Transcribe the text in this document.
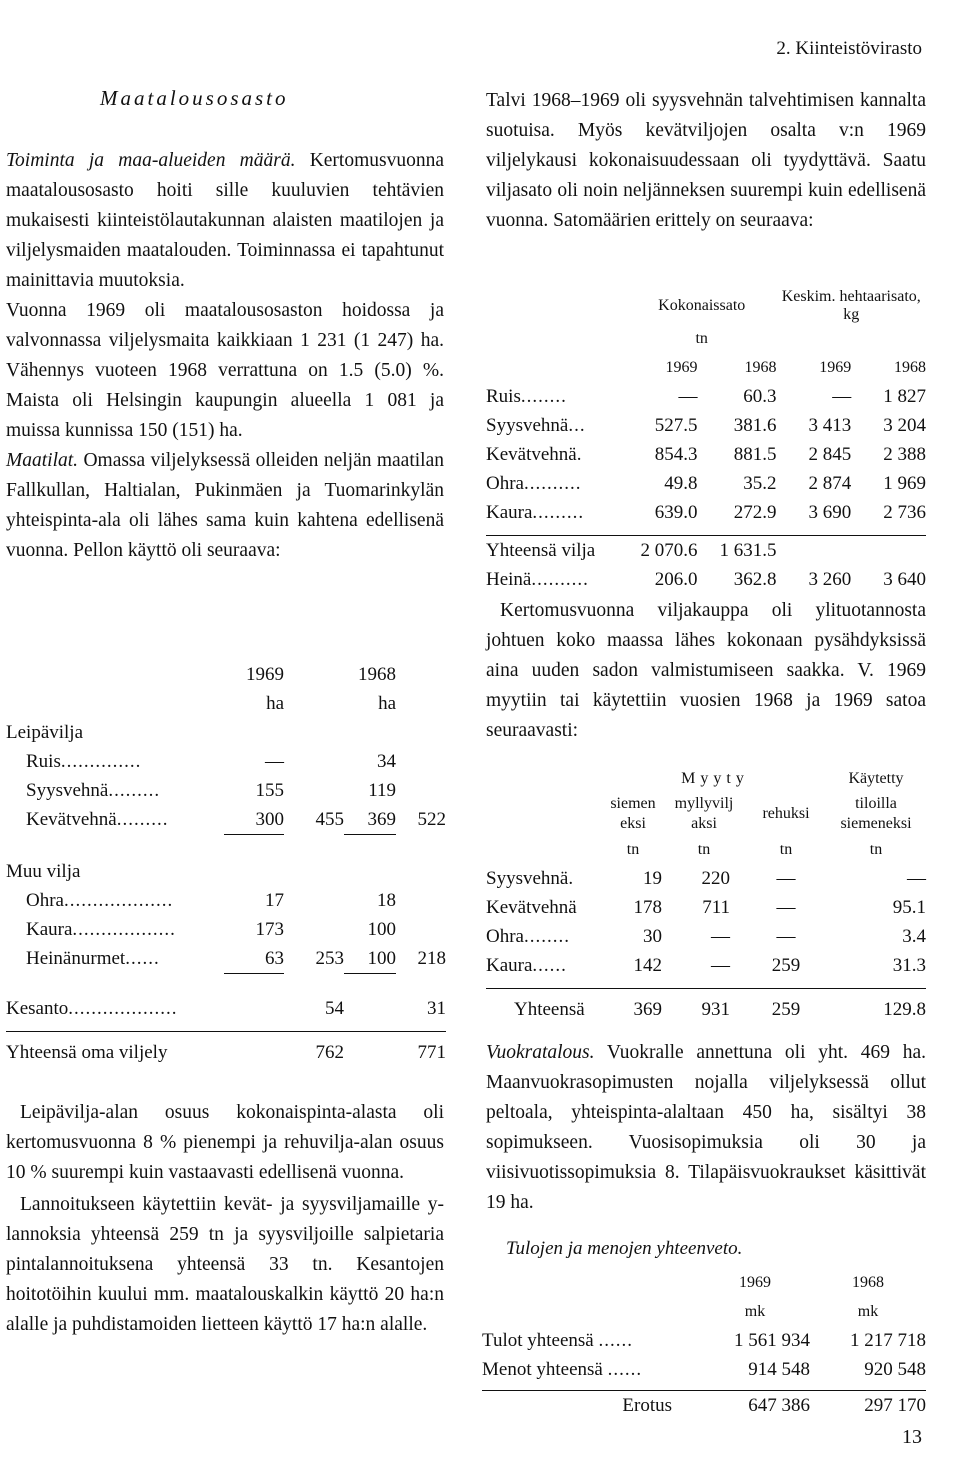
2. Kiinteistövirasto
Maatalousosasto

Toiminta ja maa-alueiden määrä. Kertomusvuonna maatalousosasto hoiti sille kuuluvien tehtävien mukaisesti kiinteistölautakunnan alaisten maatilojen ja viljelysmaiden maatalouden. Toiminnassa ei tapahtunut mainittavia muutoksia.

Vuonna 1969 oli maatalousosaston hoidossa ja valvonnassa viljelysmaita kaikkiaan 1 231 (1 247) ha. Vähennys vuoteen 1968 verrattuna on 1.5 (5.0) %. Maista oli Helsingin kaupungin alueella 1 081 ja muissa kunnissa 150 (151) ha.

Maatilat. Omassa viljelyksessä olleiden neljän maatilan Fallkullan, Haltialan, Pukinmäen ja Tuomarinkylän yhteispinta-ala oli lähes sama kuin kahtena edellisenä vuonna. Pellon käyttö oli seuraava:

	1969		1968	
	ha		ha	
Leipävilja				
Ruis..............	—		34	
Syysvehnä.........	155		119	
Kevätvehnä.........	300	455	369	522

Muu vilja				
Ohra...................	17		18	
Kaura..................	173		100	
Heinänurmet......	63	253	100	218

Kesanto...................		54		31

Yhteensä oma viljely		762		771

Leipävilja-alan osuus kokonaispinta-alasta oli kertomusvuonna 8 % pienempi ja rehuvilja-alan osuus 10 % suurempi kuin vastaavasti edellisenä vuonna.

Lannoitukseen käytettiin kevät- ja syysviljamaille y-lannoksia yhteensä 259 tn ja syysviljoille salpietaria pintalannoituksena yhteensä 33 tn. Kesantojen hoitotöihin kuului mm. maatalouskalkin käyttö 20 ha:n alalle ja puhdistamoiden lietteen käyttö 17 ha:n alalle.

Talvi 1968–1969 oli syysvehnän talvehtimisen kannalta suotuisa. Myös kevätviljojen osalta v:n 1969 viljelykausi kokonaisuudessaan oli tyydyttävä. Saatu viljasato oli noin neljänneksen suurempi kuin edellisenä vuonna. Satomäärien erittely on seuraava:

	Kokonaissato		Keskim. hehtaarisato, kg	
	tn			
	1969	1968	1969	1968
Ruis........	—	60.3	—	1 827
Syysvehnä...	527.5	381.6	3 413	3 204
Kevätvehnä.	854.3	881.5	2 845	2 388
Ohra..........	49.8	35.2	2 874	1 969
Kaura.........	639.0	272.9	3 690	2 736

Yhteensä vilja	2 070.6	1 631.5		
Heinä..........	206.0	362.8	3 260	3 640

Kertomusvuonna viljakauppa oli ylituotannosta johtuen koko maassa lähes kokonaan pysähdyksissä aina uuden sadon valmistumiseen saakka. V. 1969 myytiin tai käytettiin vuosien 1968 ja 1969 satoa seuraavasti:

	Myyty			Käytetty
	siemeneksi	myllyviljaksi	rehuksi	tiloilla siemeneksi
	tn	tn	tn	tn
Syysvehnä.	19	220	—	—
Kevätvehnä	178	711	—	95.1
Ohra........	30	—	—	3.4
Kaura......	142	—	259	31.3

Yhteensä	369	931	259	129.8

Vuokratalous. Vuokralle annettuna oli yht. 469 ha. Maanvuokrasopimusten nojalla viljelyksessä ollut peltoala, yhteispinta-alaltaan 450 ha, sisältyi 38 sopimukseen. Vuosisopimuksia oli 30 ja viisivuotissopimuksia 8. Tilapäisvuokraukset käsittivät 19 ha.

Tulojen ja menojen yhteenveto.
	1969	1968
	mk	mk
Tulot yhteensä ......	1 561 934	1 217 718
Menot yhteensä ......	914 548	920 548

Erotus	647 386	297 170
13
